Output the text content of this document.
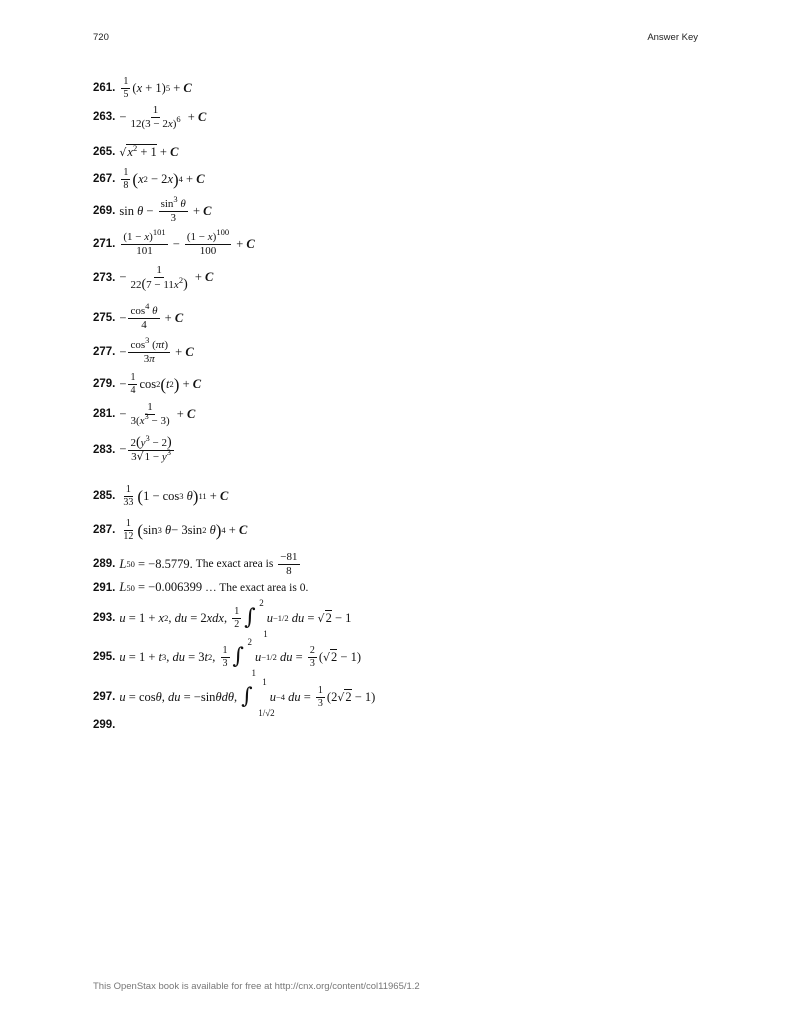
720	Answer Key
261.
1
5 ( x + 1) 5 + C
263. − 1
$12(3 - 2x)^6 + C$
265. √ $x^2 + 1 + C$
267.
1
8 ( x 2 − 2 x ) 4 + C
269. $\sin \theta - \sin^3 \theta$
3 + C
271.
$(1 - x)^{101}$
$101 - (1 - x)^{100}$
100 + C
273. −
1
$22(7 - 11x^2) + C$
275. − $\cos^4 \theta$
4 + C
277. − $\cos^3 (\pi t)$
3π + C
279. − 1
4 cos 2 ( t 2 ) + C
281. − 1
$3(x^3 - 3) + C$
283. − $2(y^3 - 2)$
$3√1 - y^3$
285.
1
33 ( 1 − cos 3
θ ) 11 + C
287.
1
12 ( sin 3
θ − 3sin 2
θ ) 4 + C
289. L 50 = −8.5779. The exact area is
−81
8
291. L 50 = −0.006399 … The exact area is 0.
293. u = 1 + x 2 , du = 2 xdx , 1
2 ∫
2
1
u −1/2
du = √ 2 − 1
295. u = 1 + t 3 , du = 3 t 2 , 1
3 ∫
2
1
u −1/2
du = 2
3 ( √ 2 − 1)
297. u = cos θ , du = −sin θdθ , ∫
1
1/√2
u −4
du = 1
3 (2 √ 2 − 1)
299.
This OpenStax book is available for free at http://cnx.org/content/col11965/1.2
